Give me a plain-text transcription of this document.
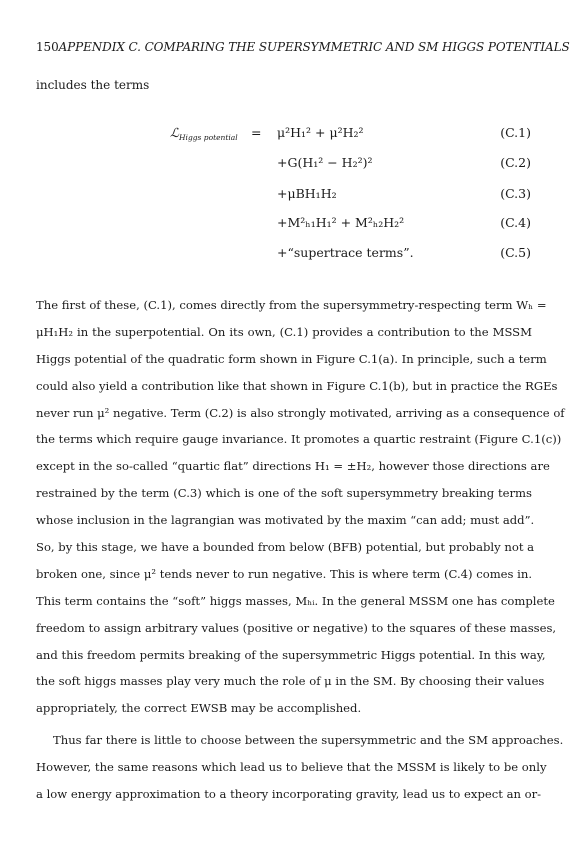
150APPENDIX C. COMPARING THE SUPERSYMMETRIC AND SM HIGGS POTENTIALS
includes the terms
ℒ$_{Higgs potential}$ = μ²H₁² + μ²H₂²	(C.1)
+G(H₁² − H₂²)²	(C.2)
+μBH₁H₂	(C.3)
+M²ₕ₁H₁² + M²ₕ₂H₂²	(C.4)
+“supertrace terms”.	(C.5)
The first of these, (C.1), comes directly from the supersymmetry-respecting term Wₕ =
μH₁H₂ in the superpotential. On its own, (C.1) provides a contribution to the MSSM
Higgs potential of the quadratic form shown in Figure C.1(a). In principle, such a term
could also yield a contribution like that shown in Figure C.1(b), but in practice the RGEs
never run μ² negative. Term (C.2) is also strongly motivated, arriving as a consequence of
the terms which require gauge invariance. It promotes a quartic restraint (Figure C.1(c))
except in the so-called “quartic flat” directions H₁ = ±H₂, however those directions are
restrained by the term (C.3) which is one of the soft supersymmetry breaking terms
whose inclusion in the lagrangian was motivated by the maxim “can add; must add”.
So, by this stage, we have a bounded from below (BFB) potential, but probably not a
broken one, since μ² tends never to run negative. This is where term (C.4) comes in.
This term contains the “soft” higgs masses, Mₕᵢ. In the general MSSM one has complete
freedom to assign arbitrary values (positive or negative) to the squares of these masses,
and this freedom permits breaking of the supersymmetric Higgs potential. In this way,
the soft higgs masses play very much the role of μ in the SM. By choosing their values
appropriately, the correct EWSB may be accomplished.
Thus far there is little to choose between the supersymmetric and the SM approaches.
However, the same reasons which lead us to believe that the MSSM is likely to be only
a low energy approximation to a theory incorporating gravity, lead us to expect an or-
